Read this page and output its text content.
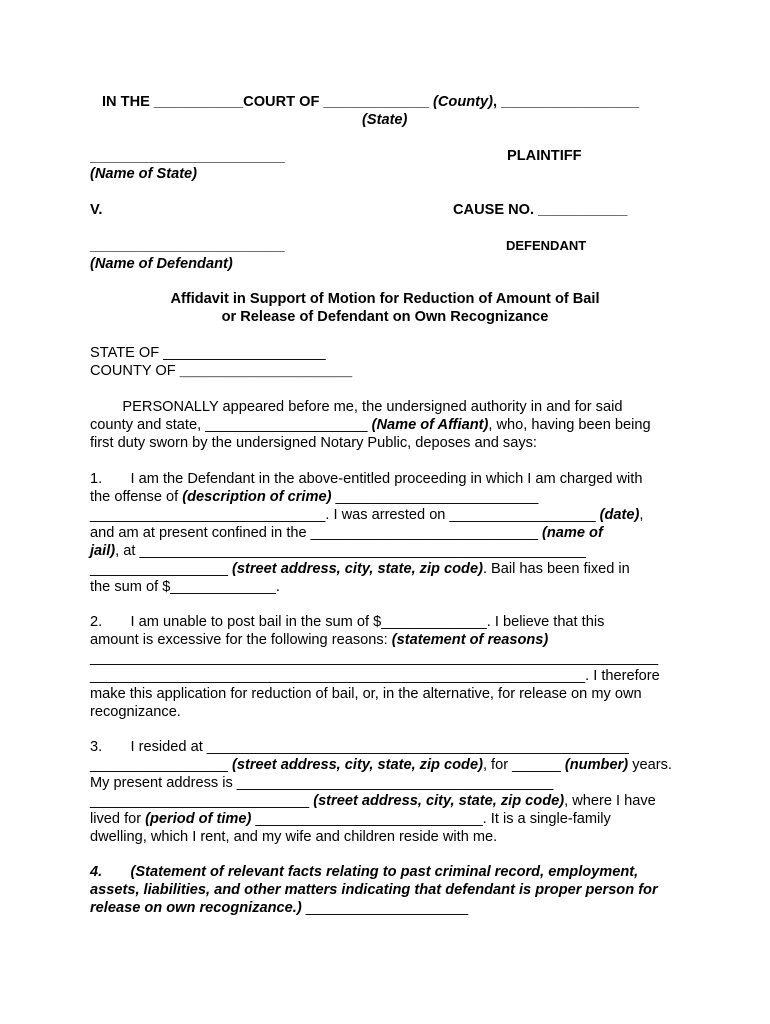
IN THE ___________COURT OF _____________ (County), _________________
(State)
________________________	PLAINTIFF
(Name of State)
V.	CAUSE NO. ___________
________________________	DEFENDANT
(Name of Defendant)
Affidavit in Support of Motion for Reduction of Amount of Bail
or Release of Defendant on Own Recognizance
STATE OF ____________________
COUNTY OF _______________________________
PERSONALLY appeared before me, the undersigned authority in and for said
county and state, ____________________ (Name of Affiant), who, having been being
first duty sworn by the undersigned Notary Public, deposes and says:
1.       I am the Defendant in the above-entitled proceeding in which I am charged with
the offense of (description of crime) _________________________
_____________________________. I was arrested on __________________ (date),
and am at present confined in the ____________________________ (name of
jail), at _______________________________________________________
_________________ (street address, city, state, zip code). Bail has been fixed in
the sum of $_____________.
2.       I am unable to post bail in the sum of $_____________. I believe that this
amount is excessive for the following reasons: (statement of reasons)
______________________________________________________________________
_____________________________________________________________. I therefore
make this application for reduction of bail, or, in the alternative, for release on my own
recognizance.
3.       I resided at ____________________________________________________
_________________ (street address, city, state, zip code), for ______ (number) years.
My present address is _______________________________________
___________________________ (street address, city, state, zip code), where I have
lived for (period of time) ____________________________. It is a single-family
dwelling, which I rent, and my wife and children reside with me.
4.       (Statement of relevant facts relating to past criminal record, employment,
assets, liabilities, and other matters indicating that defendant is proper person for
release on own recognizance.) ____________________
